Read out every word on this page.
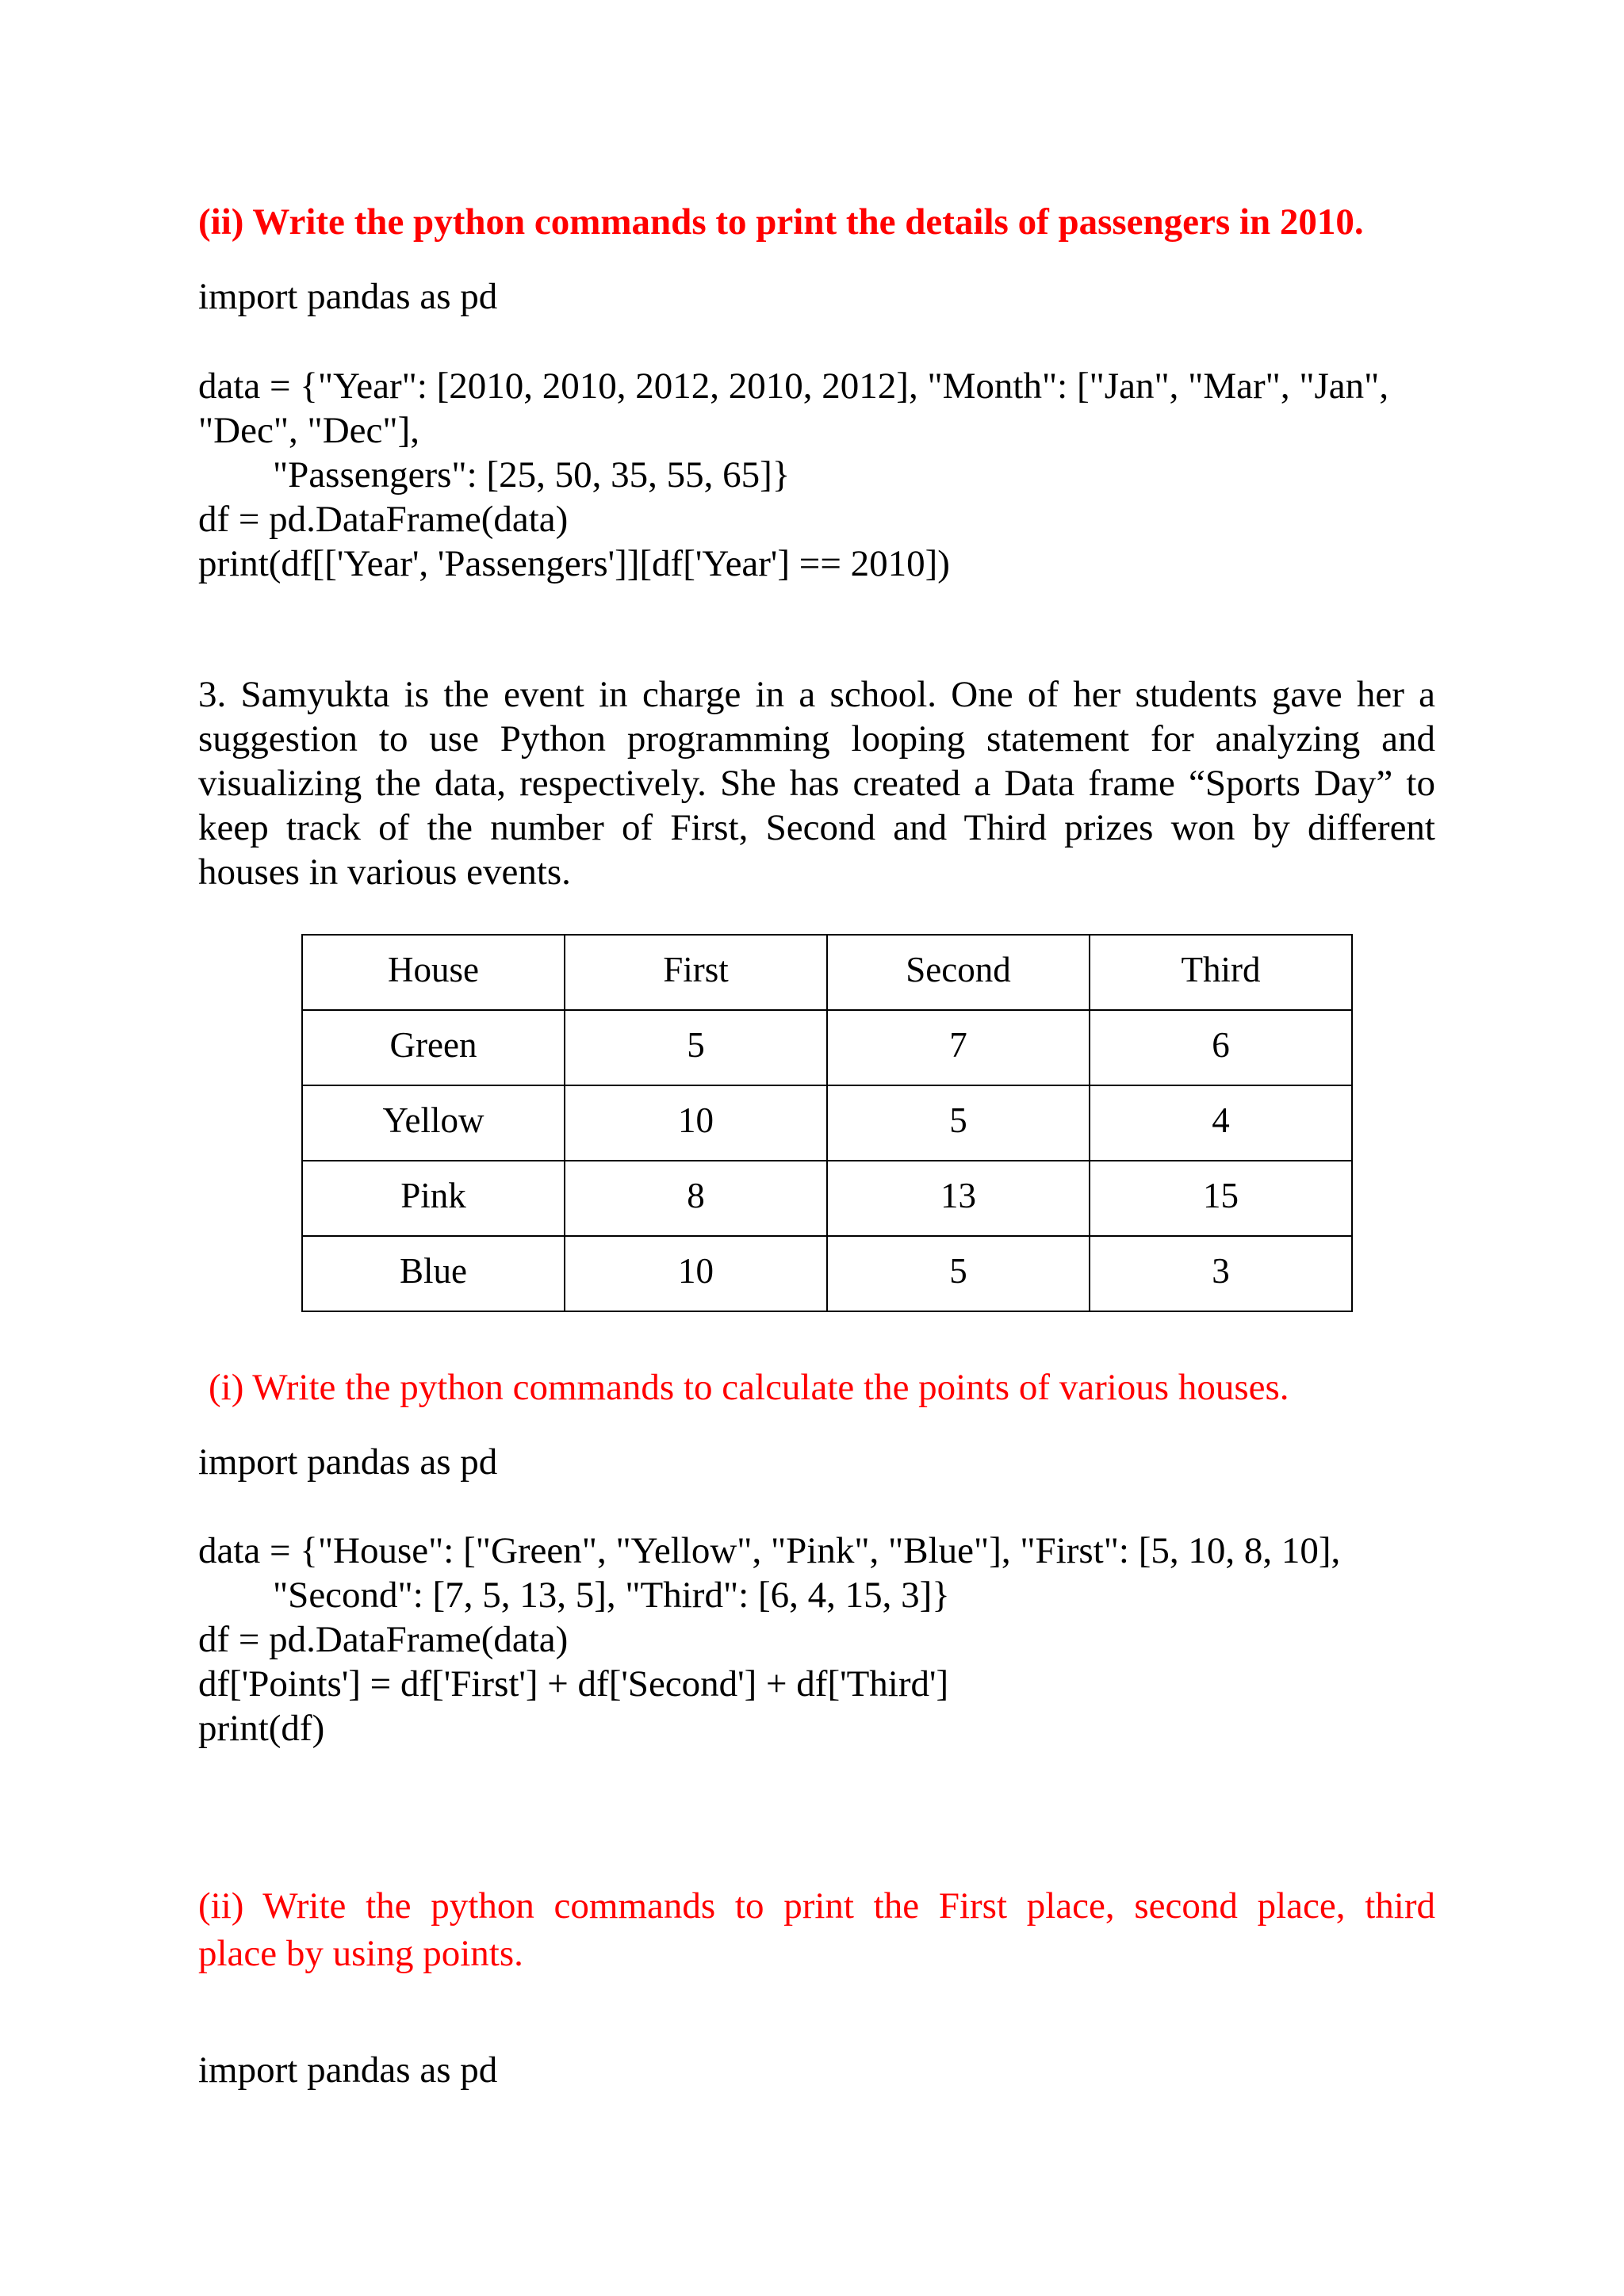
(ii) Write the python commands to print the details of passengers in 2010.
import pandas as pd
data = {"Year": [2010, 2010, 2012, 2010, 2012], "Month": ["Jan", "Mar", "Jan",
"Dec", "Dec"],
"Passengers": [25, 50, 35, 55, 65]}
df = pd.DataFrame(data)
print(df[['Year', 'Passengers']][df['Year'] == 2010])
3. Samyukta is the event in charge in a school. One of her students gave her a
suggestion to use Python programming looping statement for analyzing and
visualizing the data, respectively. She has created a Data frame “Sports Day” to
keep track of the number of First, Second and Third prizes won by different
houses in various events.
House	First	Second	Third
Green	5	7	6
Yellow	10	5	4
Pink	8	13	15
Blue	10	5	3
(i) Write the python commands to calculate the points of various houses.
import pandas as pd
data = {"House": ["Green", "Yellow", "Pink", "Blue"], "First": [5, 10, 8, 10],
"Second": [7, 5, 13, 5], "Third": [6, 4, 15, 3]}
df = pd.DataFrame(data)
df['Points'] = df['First'] + df['Second'] + df['Third']
print(df)
(ii) Write the python commands to print the First place, second place, third
place by using points.
import pandas as pd
